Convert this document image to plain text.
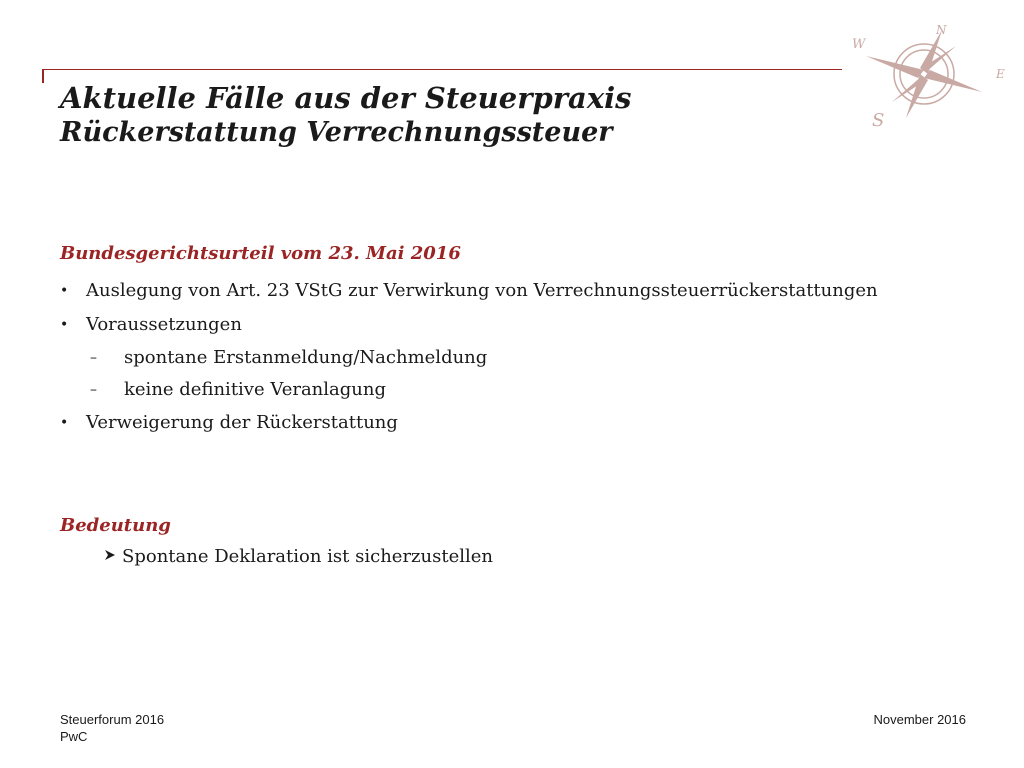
W
N
E
S
Aktuelle Fälle aus der Steuerpraxis
Rückerstattung Verrechnungssteuer

Bundesgerichtsurteil vom 23. Mai 2016

• Auslegung von Art. 23 VStG zur Verwirkung von Verrechnungssteuerrückerstattungen
• Voraussetzungen
– spontane Erstanmeldung/Nachmeldung
– keine definitive Veranlagung
• Verweigerung der Rückerstattung

Bedeutung

Spontane Deklaration ist sicherzustellen
Steuerforum 2016
PwC
November 2016
